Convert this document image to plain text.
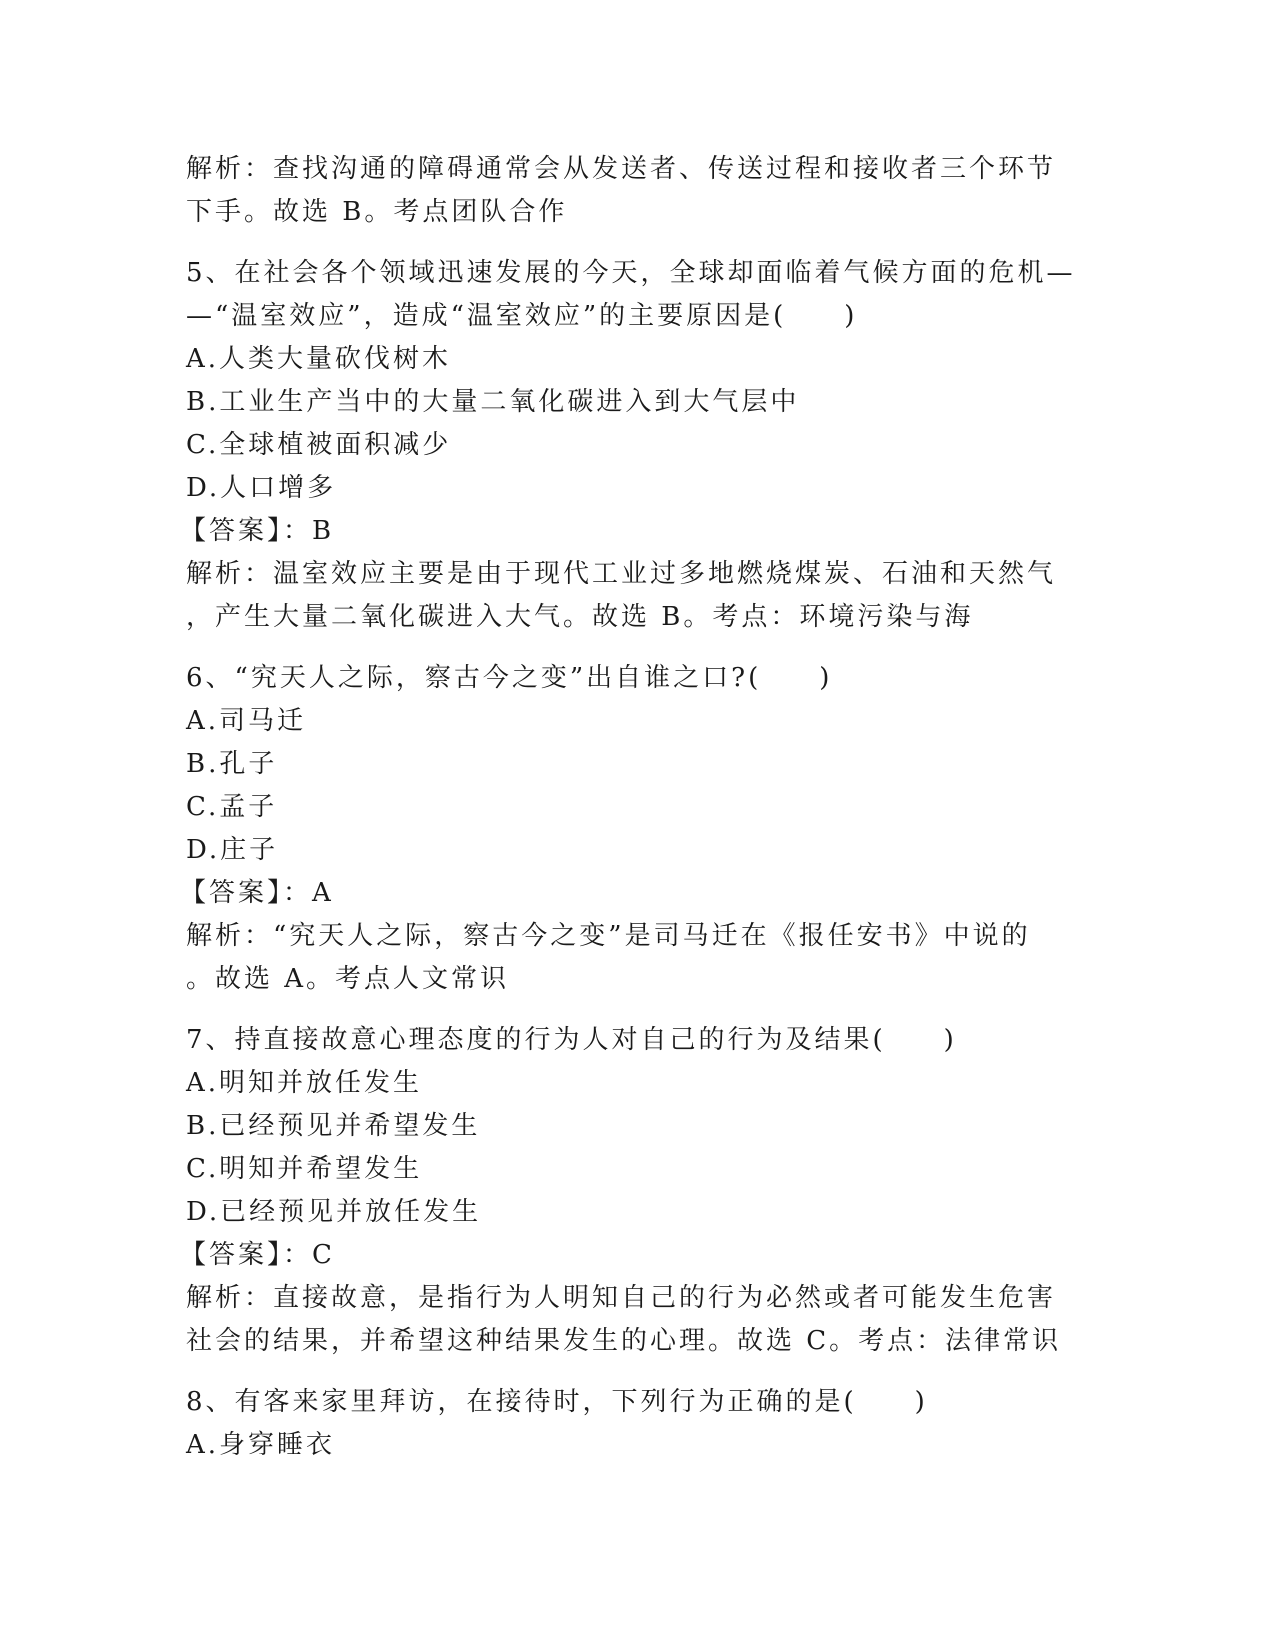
解析：查找沟通的障碍通常会从发送者、传送过程和接收者三个环节
下手。故选 B。考点团队合作
5、在社会各个领域迅速发展的今天，全球却面临着气候方面的危机—
—“温室效应”，造成“温室效应”的主要原因是(　　)
A.人类大量砍伐树木
B.工业生产当中的大量二氧化碳进入到大气层中
C.全球植被面积减少
D.人口增多
【答案】：B
解析：温室效应主要是由于现代工业过多地燃烧煤炭、石油和天然气
，产生大量二氧化碳进入大气。故选 B。考点：环境污染与海
6、“究天人之际，察古今之变”出自谁之口?(　　)
A.司马迁
B.孔子
C.孟子
D.庄子
【答案】：A
解析：“究天人之际，察古今之变”是司马迁在《报任安书》中说的
。故选 A。考点人文常识
7、持直接故意心理态度的行为人对自己的行为及结果(　　)
A.明知并放任发生
B.已经预见并希望发生
C.明知并希望发生
D.已经预见并放任发生
【答案】：C
解析：直接故意，是指行为人明知自己的行为必然或者可能发生危害
社会的结果，并希望这种结果发生的心理。故选 C。考点：法律常识
8、有客来家里拜访，在接待时，下列行为正确的是(　　)
A.身穿睡衣
